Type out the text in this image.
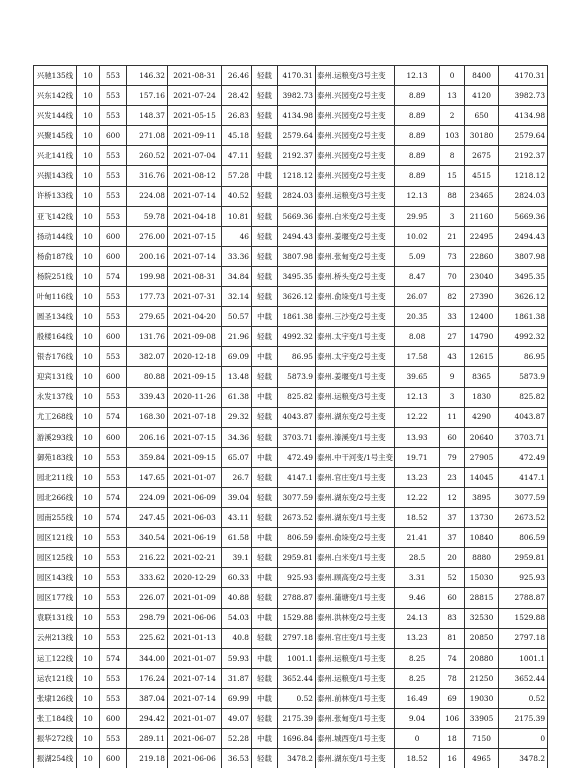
兴驰135线	10	553	146.32	2021-08-31	26.46	轻载	4170.31	泰州.运粮变/3号主变	12.13	0	8400	4170.31
兴东142线	10	553	157.16	2021-07-24	28.42	轻载	3982.73	泰州.兴园变/2号主变	8.89	13	4120	3982.73
兴发144线	10	553	148.37	2021-05-15	26.83	轻载	4134.98	泰州.兴园变/2号主变	8.89	2	650	4134.98
兴聚145线	10	600	271.08	2021-09-11	45.18	轻载	2579.64	泰州.兴园变/2号主变	8.89	103	30180	2579.64
兴北141线	10	553	260.52	2021-07-04	47.11	轻载	2192.37	泰州.兴园变/2号主变	8.89	8	2675	2192.37
兴振143线	10	553	316.76	2021-08-12	57.28	中载	1218.12	泰州.兴园变/2号主变	8.89	15	4515	1218.12
许桥133线	10	553	224.08	2021-07-14	40.52	轻载	2824.03	泰州.运粮变/3号主变	12.13	88	23465	2824.03
亚飞142线	10	553	59.78	2021-04-18	10.81	轻载	5669.36	泰州.白米变/2号主变	29.95	3	21160	5669.36
扬动144线	10	600	276.00	2021-07-15	46	轻载	2494.43	泰州.姜堰变/2号主变	10.02	21	22495	2494.43
杨俞187线	10	600	200.16	2021-07-14	33.36	轻载	3807.98	泰州.张甸变/2号主变	5.09	73	22860	3807.98
杨院251线	10	574	199.98	2021-08-31	34.84	轻载	3495.35	泰州.桥头变/2号主变	8.47	70	23040	3495.35
叶甸116线	10	553	177.73	2021-07-31	32.14	轻载	3626.12	泰州.俞垛变/1号主变	26.07	82	27390	3626.12
圆圣134线	10	553	279.65	2021-04-20	50.57	中载	1861.38	泰州.三沙变/2号主变	20.35	33	12400	1861.38
殷楼164线	10	600	131.76	2021-09-08	21.96	轻载	4992.32	泰州.太宇变/1号主变	8.08	27	14790	4992.32
银杏176线	10	553	382.07	2020-12-18	69.09	中载	86.95	泰州.太宇变/2号主变	17.58	43	12615	86.95
迎宾131线	10	600	80.88	2021-09-15	13.48	轻载	5873.9	泰州.姜堰变/1号主变	39.65	9	8365	5873.9
永发137线	10	553	339.43	2020-11-26	61.38	中载	825.82	泰州.运粮变/3号主变	12.13	3	1830	825.82
尤工268线	10	574	168.30	2021-07-18	29.32	轻载	4043.87	泰州.湖东变/2号主变	12.22	11	4290	4043.87
游溪293线	10	600	206.16	2021-07-15	34.36	轻载	3703.71	泰州.溱溪变/1号主变	13.93	60	20640	3703.71
御苑183线	10	553	359.84	2021-09-15	65.07	中载	472.49	泰州.中干河变/1号主变	19.71	79	27905	472.49
园北211线	10	553	147.65	2021-01-07	26.7	轻载	4147.1	泰州.官庄变/1号主变	13.23	23	14045	4147.1
园北266线	10	574	224.09	2021-06-09	39.04	轻载	3077.59	泰州.湖东变/2号主变	12.22	12	3895	3077.59
园南255线	10	574	247.45	2021-06-03	43.11	轻载	2673.52	泰州.湖东变/1号主变	18.52	37	13730	2673.52
园区121线	10	553	340.54	2021-06-19	61.58	中载	806.59	泰州.俞垛变/2号主变	21.41	37	10840	806.59
园区125线	10	553	216.22	2021-02-21	39.1	轻载	2959.81	泰州.白米变/1号主变	28.5	20	8880	2959.81
园区143线	10	553	333.62	2020-12-29	60.33	中载	925.93	泰州.顾高变/2号主变	3.31	52	15030	925.93
园区177线	10	553	226.07	2021-01-09	40.88	轻载	2788.87	泰州.蒲塘变/1号主变	9.46	60	28815	2788.87
袁联131线	10	553	298.79	2021-06-06	54.03	中载	1529.88	泰州.洪林变/2号主变	24.13	83	32530	1529.88
云州213线	10	553	225.62	2021-01-13	40.8	轻载	2797.18	泰州.官庄变/1号主变	13.23	81	20850	2797.18
运工122线	10	574	344.00	2021-01-07	59.93	中载	1001.1	泰州.运粮变/1号主变	8.25	74	20880	1001.1
运农121线	10	553	176.24	2021-07-14	31.87	轻载	3652.44	泰州.运粮变/1号主变	8.25	78	21250	3652.44
张埭126线	10	553	387.04	2021-07-14	69.99	中载	0.52	泰州.前林变/1号主变	16.49	69	19030	0.52
张工184线	10	600	294.42	2021-01-07	49.07	轻载	2175.39	泰州.张甸变/1号主变	9.04	106	33905	2175.39
振华272线	10	553	289.11	2021-06-07	52.28	中载	1696.84	泰州.城西变/1号主变	0	18	7150	0
振湖254线	10	600	219.18	2021-06-06	36.53	轻载	3478.2	泰州.湖东变/1号主变	18.52	16	4965	3478.2
